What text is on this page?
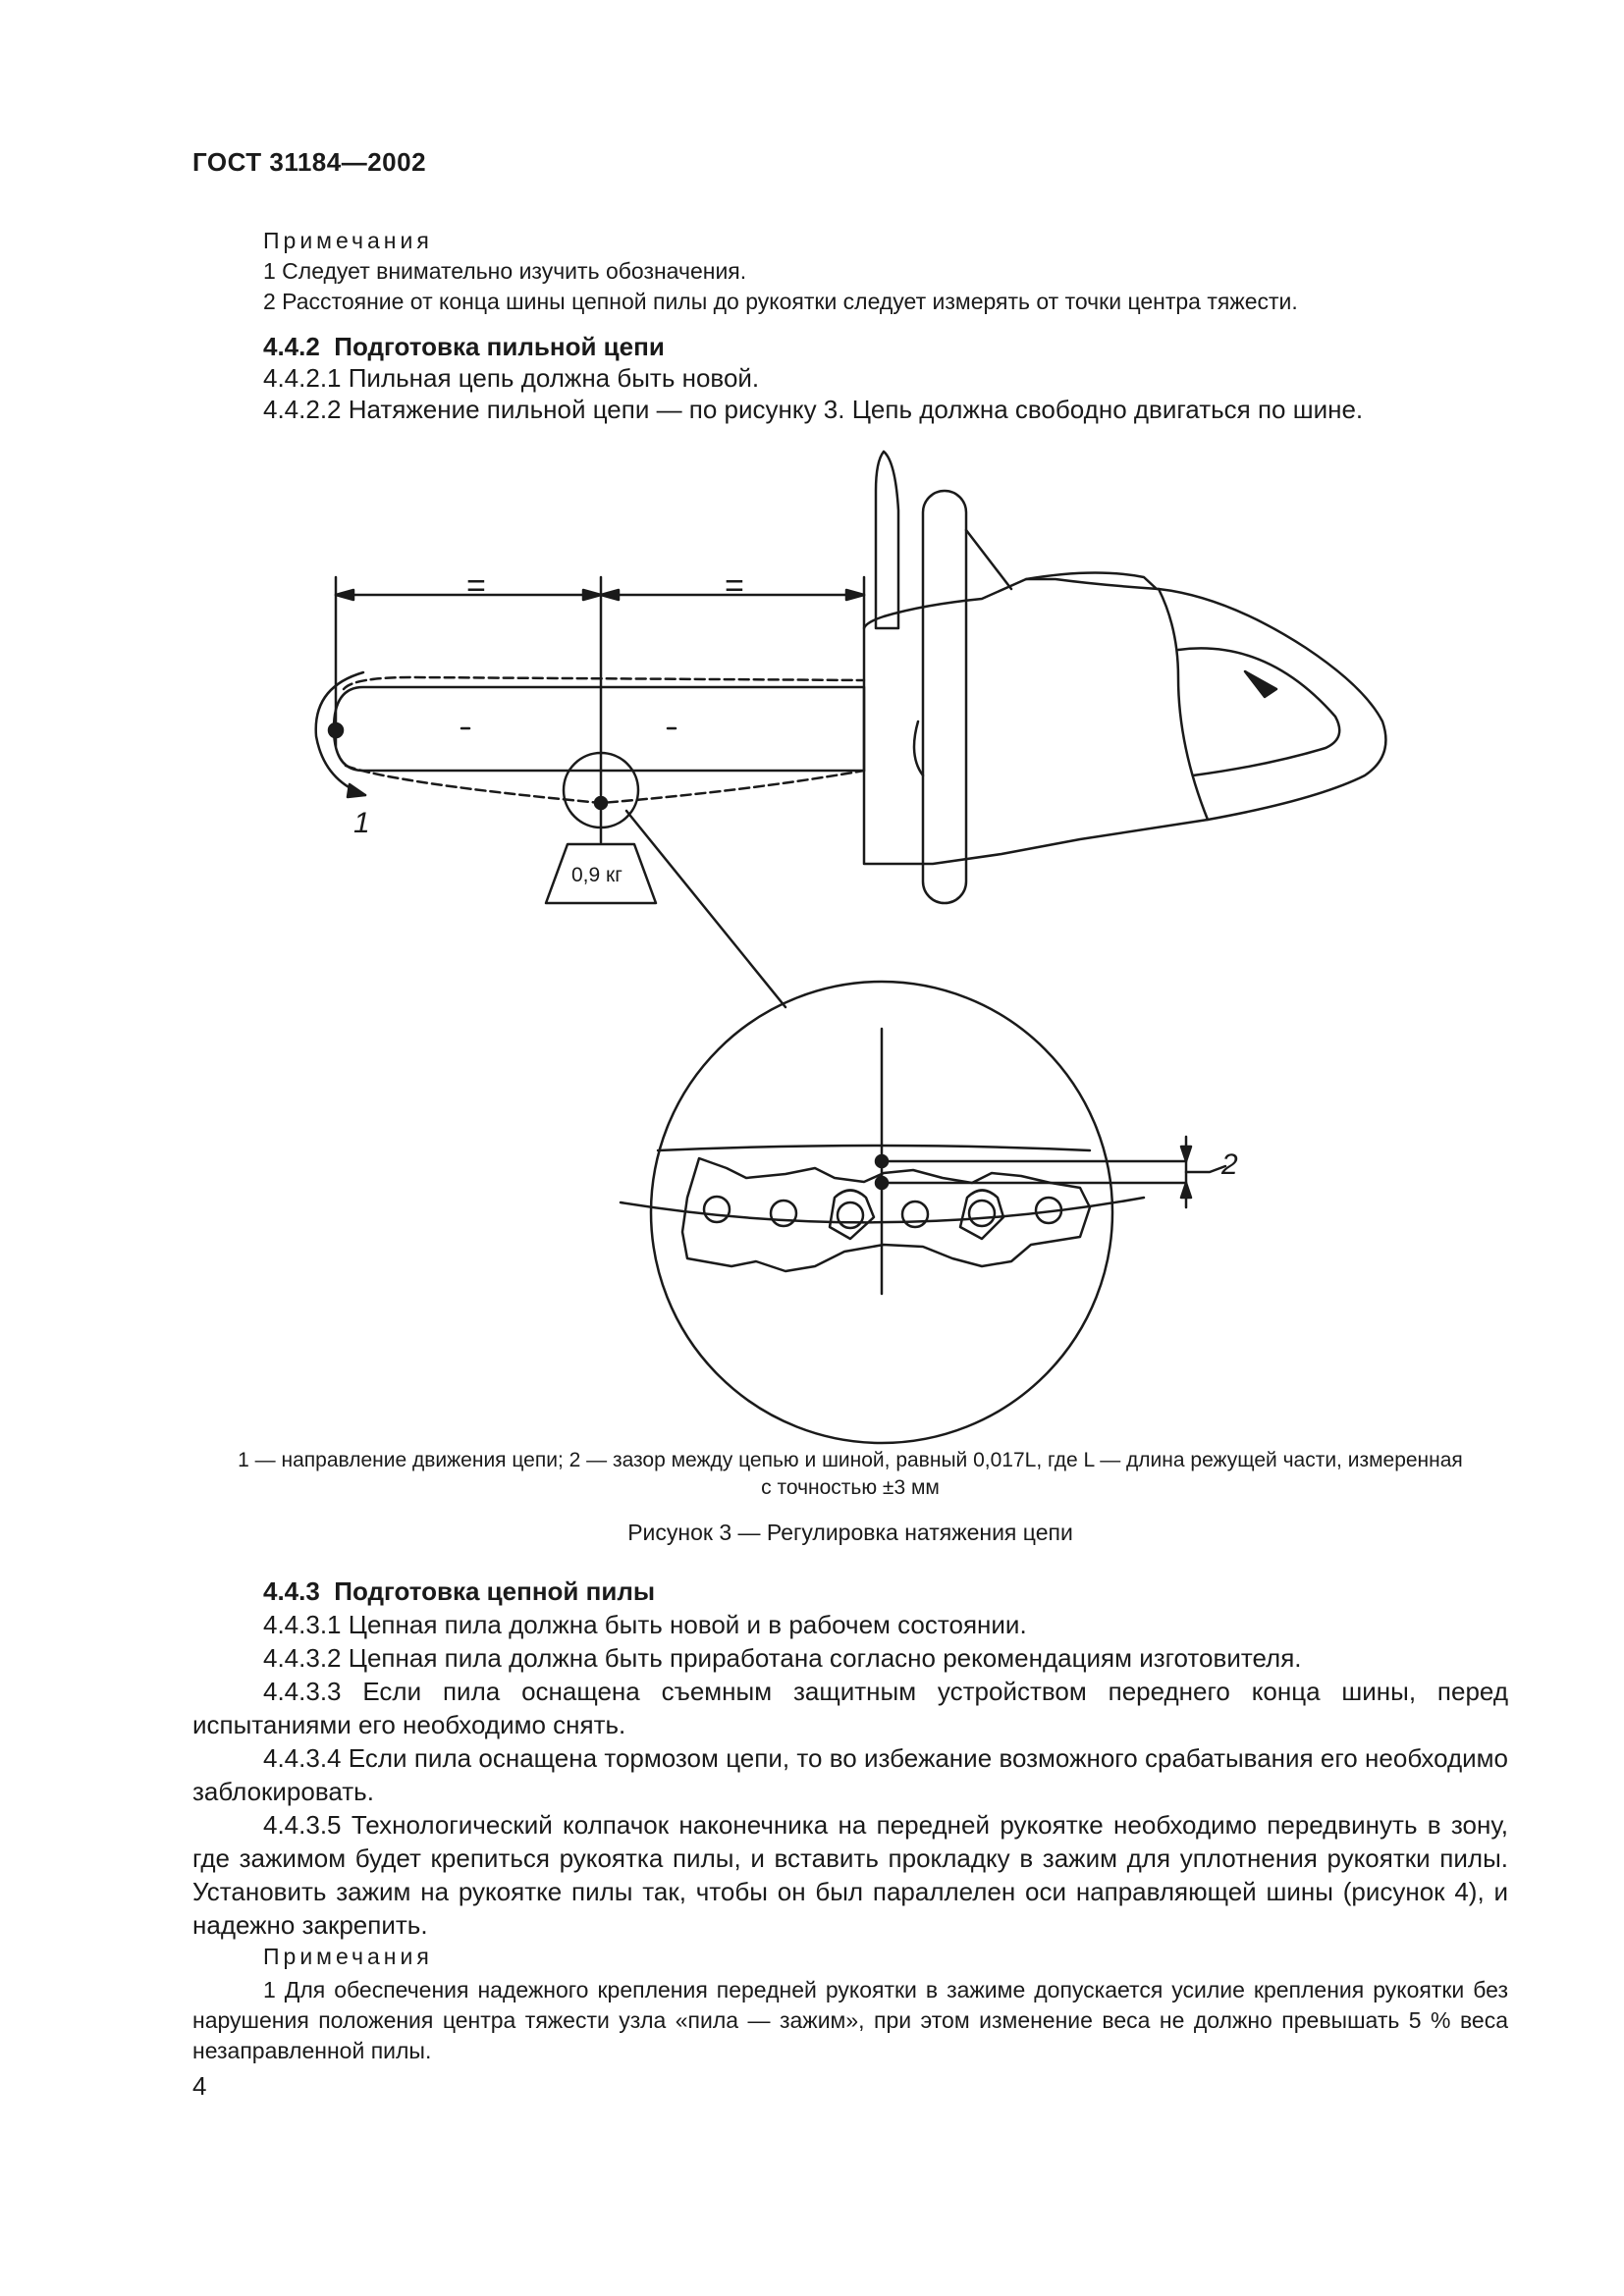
ГОСТ 31184—2002
Примечания
1 Следует внимательно изучить обозначения.
2 Расстояние от конца шины цепной пилы до рукоятки следует измерять от точки центра тяжести.
4.4.2 Подготовка пильной цепи
4.4.2.1 Пильная цепь должна быть новой.
4.4.2.2 Натяжение пильной цепи — по рисунку 3. Цепь должна свободно двигаться по шине.
=	=
0,9 кг
1
2
1 — направление движения цепи; 2 — зазор между цепью и шиной, равный 0,017L, где L — длина режущей части, измеренная
с точностью ±3 мм
Рисунок 3 — Регулировка натяжения цепи
4.4.3 Подготовка цепной пилы
4.4.3.1 Цепная пила должна быть новой и в рабочем состоянии.
4.4.3.2 Цепная пила должна быть приработана согласно рекомендациям изготовителя.
4.4.3.3 Если пила оснащена съемным защитным устройством переднего конца шины, перед испытаниями его необходимо снять.
4.4.3.4 Если пила оснащена тормозом цепи, то во избежание возможного срабатывания его необходимо заблокировать.
4.4.3.5 Технологический колпачок наконечника на передней рукоятке необходимо передвинуть в зону, где зажимом будет крепиться рукоятка пилы, и вставить прокладку в зажим для уплотнения рукоятки пилы. Установить зажим на рукоятке пилы так, чтобы он был параллелен оси направляющей шины (рисунок 4), и надежно закрепить.
Примечания
1 Для обеспечения надежного крепления передней рукоятки в зажиме допускается усилие крепления рукоятки без нарушения положения центра тяжести узла «пила — зажим», при этом изменение веса не должно превышать 5 % веса незаправленной пилы.
4
